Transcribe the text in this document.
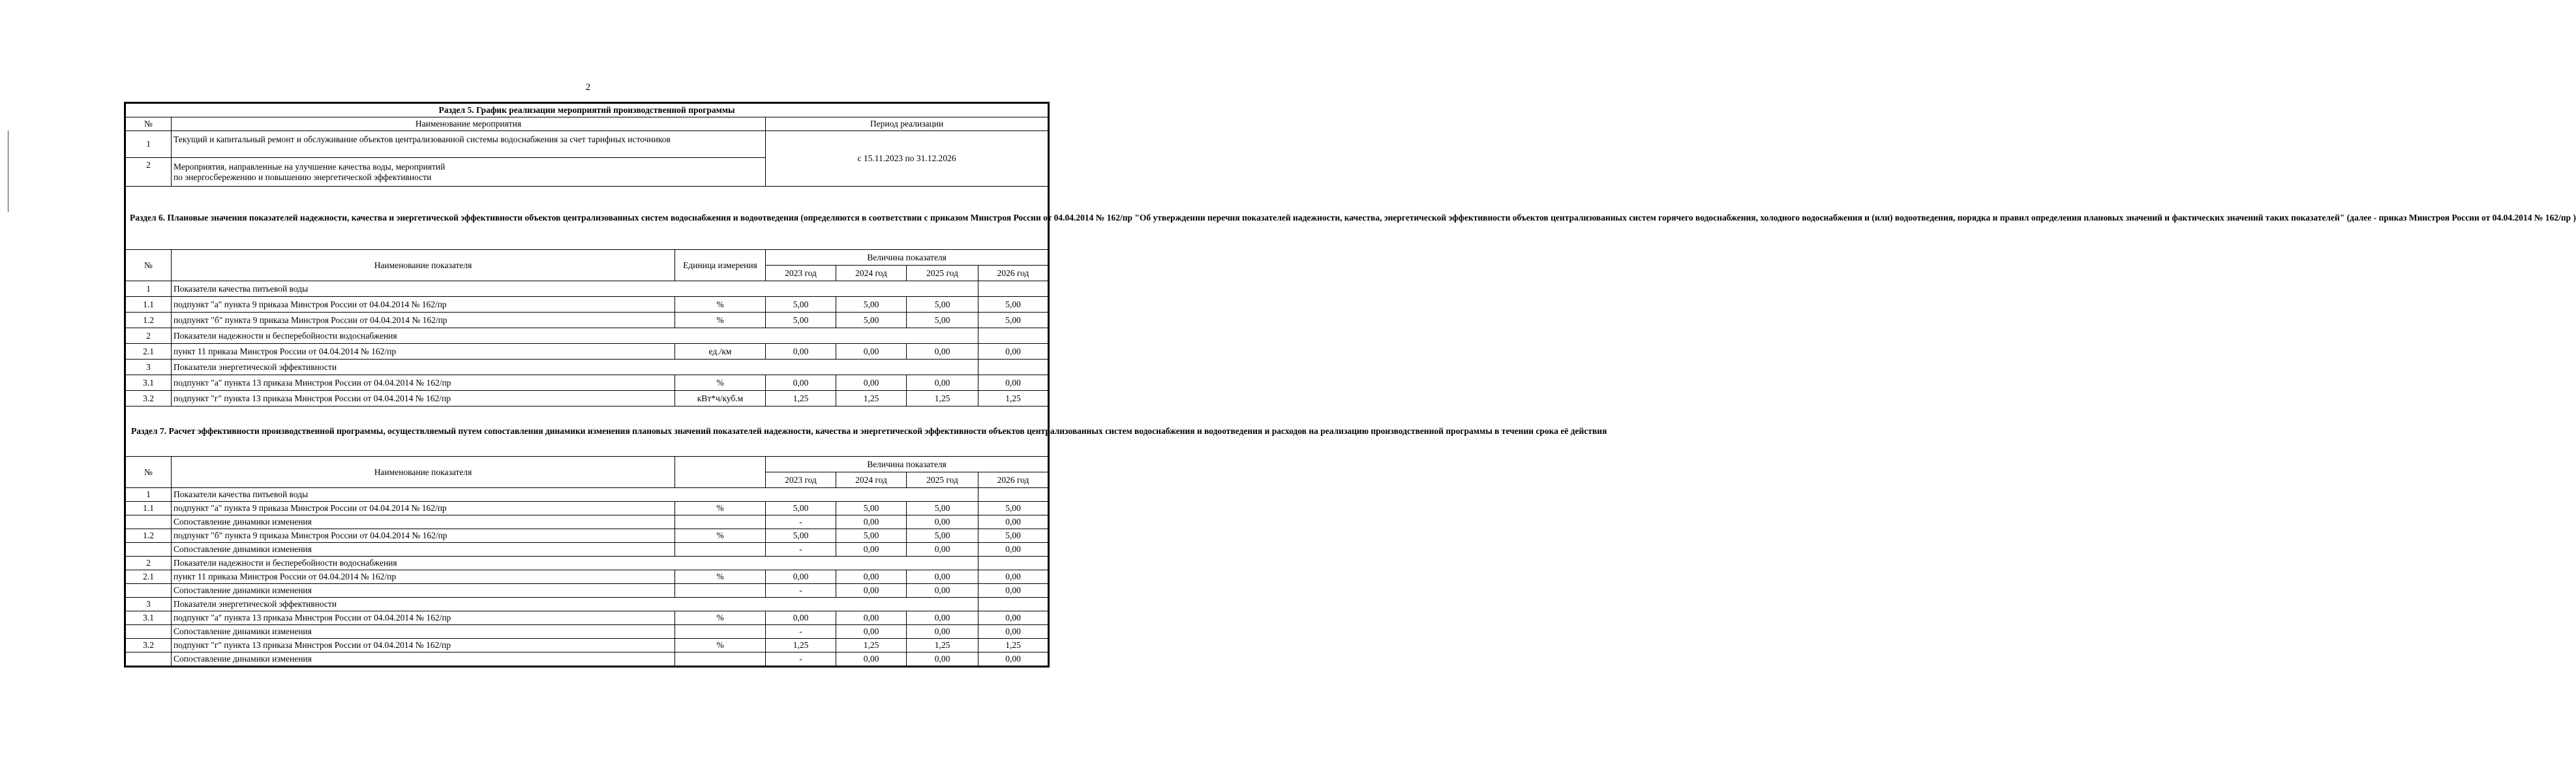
2
Раздел 5. График реализации мероприятий производственной программы						
№	Наименование мероприятия		Период реализации			
1	Текущий и капитальный ремонт и обслуживание объектов централизованной системы водоснабжения за счет тарифных источников		с 15.11.2023 по 31.12.2026			
2	Мероприятия, направленные на улучшение качества воды, мероприятий
по энергосбережению и повышению энергетической эффективности					

Раздел 6. Плановые значения показателей надежности, качества и энергетической эффективности объектов централизованных систем водоснабжения и водоотведения (определяются в соответствии с приказом Минстроя России от 04.04.2014 № 162/пр "Об утверждении перечня показателей надежности, качества, энергетической эффективности объектов централизованных систем горячего водоснабжения, холодного водоснабжения и (или) водоотведения, порядка и правил определения плановых значений и фактических значений таких показателей" (далее - приказ Минстроя России от 04.04.2014 № 162/пр )						
№	Наименование показателя	Единица измерения	Величина показателя			
			2023 год	2024 год	2025 год	2026 год
1	Показатели качества питьевой воды					
1.1	подпункт "а" пункта 9 приказа Минстроя России от 04.04.2014 № 162/пр	%	5,00	5,00	5,00	5,00
1.2	подпункт "б" пункта 9 приказа Минстроя России от 04.04.2014 № 162/пр	%	5,00	5,00	5,00	5,00
2	Показатели надежности и бесперебойности водоснабжения					
2.1	пункт 11 приказа Минстроя России от 04.04.2014 № 162/пр	ед./км	0,00	0,00	0,00	0,00
3	Показатели энергетической эффективности					
3.1	подпункт "а" пункта 13 приказа Минстроя России от 04.04.2014 № 162/пр	%	0,00	0,00	0,00	0,00
3.2	подпункт "г" пункта 13 приказа Минстроя России от 04.04.2014 № 162/пр	кВт*ч/куб.м	1,25	1,25	1,25	1,25
Раздел 7. Расчет эффективности производственной программы, осуществляемый путем сопоставления динамики изменения плановых значений показателей надежности, качества и энергетической эффективности объектов централизованных систем водоснабжения и водоотведения и расходов на реализацию производственной программы в течении срока её действия						
№	Наименование показателя		Величина показателя			
			2023 год	2024 год	2025 год	2026 год
1	Показатели качества питьевой воды					
1.1	подпункт "а" пункта 9 приказа Минстроя России от 04.04.2014 № 162/пр	%	5,00	5,00	5,00	5,00
	Сопоставление динамики изменения		-	0,00	0,00	0,00
1.2	подпункт "б" пункта 9 приказа Минстроя России от 04.04.2014 № 162/пр	%	5,00	5,00	5,00	5,00
	Сопоставление динамики изменения		-	0,00	0,00	0,00
2	Показатели надежности и бесперебойности водоснабжения					
2.1	пункт 11 приказа Минстроя России от 04.04.2014 № 162/пр	%	0,00	0,00	0,00	0,00
	Сопоставление динамики изменения		-	0,00	0,00	0,00
3	Показатели энергетической эффективности					
3.1	подпункт "а" пункта 13 приказа Минстроя России от 04.04.2014 № 162/пр	%	0,00	0,00	0,00	0,00
	Сопоставление динамики изменения		-	0,00	0,00	0,00
3.2	подпункт "г" пункта 13 приказа Минстроя России от 04.04.2014 № 162/пр	%	1,25	1,25	1,25	1,25
	Сопоставление динамики изменения		-	0,00	0,00	0,00
